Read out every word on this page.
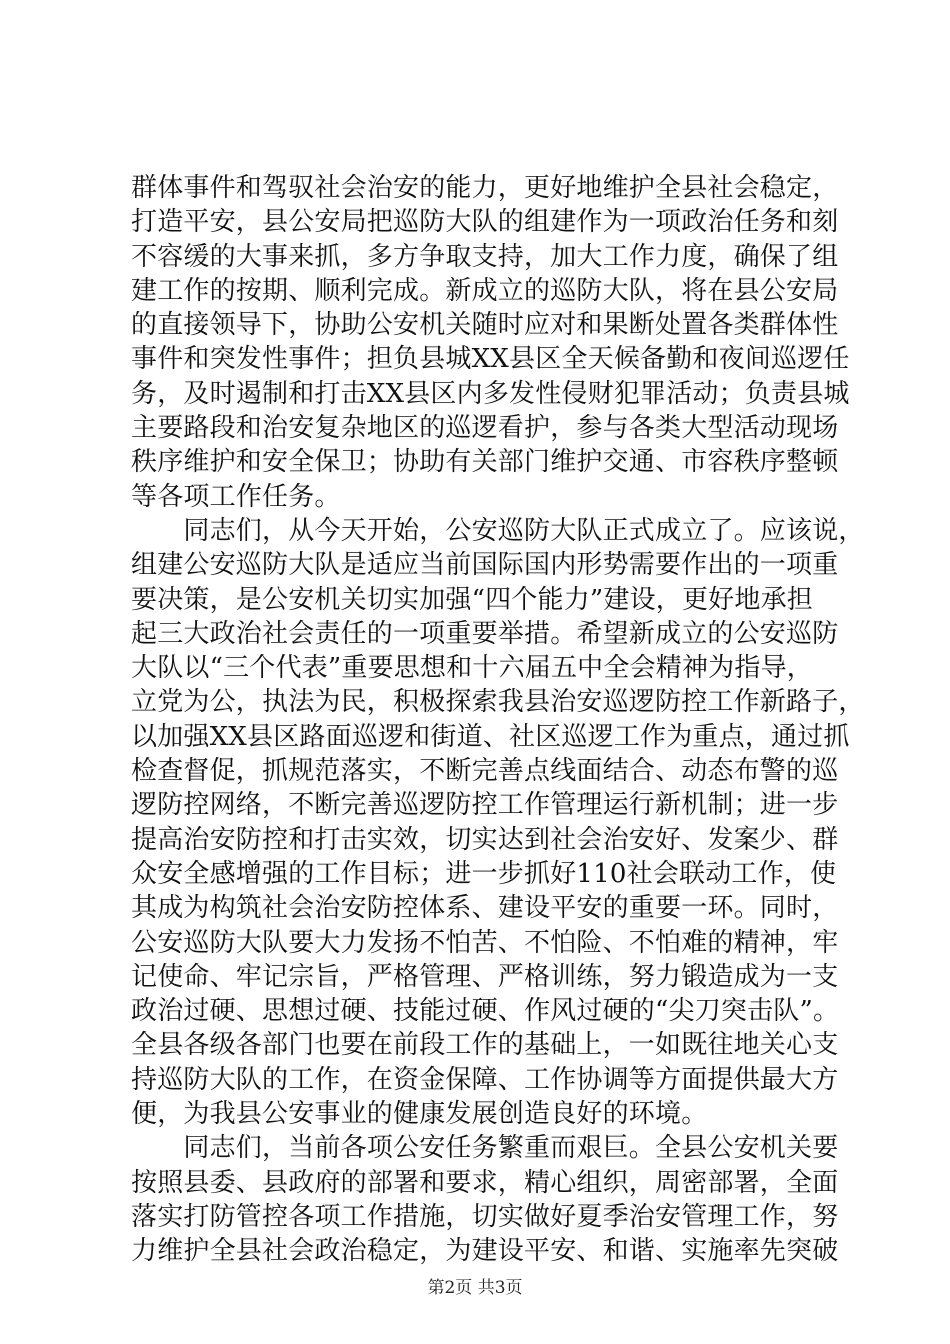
群体事件和驾驭社会治安的能力，更好地维护全县社会稳定，
打造平安，县公安局把巡防大队的组建作为一项政治任务和刻
不容缓的大事来抓，多方争取支持，加大工作力度，确保了组
建工作的按期、顺利完成。新成立的巡防大队，将在县公安局
的直接领导下，协助公安机关随时应对和果断处置各类群体性
事件和突发性事件；担负县城XX县区全天候备勤和夜间巡逻任
务，及时遏制和打击XX县区内多发性侵财犯罪活动；负责县城
主要路段和治安复杂地区的巡逻看护，参与各类大型活动现场
秩序维护和安全保卫；协助有关部门维护交通、市容秩序整顿
等各项工作任务。
　　同志们，从今天开始，公安巡防大队正式成立了。应该说，
组建公安巡防大队是适应当前国际国内形势需要作出的一项重
要决策，是公安机关切实加强“四个能力”建设，更好地承担
起三大政治社会责任的一项重要举措。希望新成立的公安巡防
大队以“三个代表”重要思想和十六届五中全会精神为指导，
立党为公，执法为民，积极探索我县治安巡逻防控工作新路子，
以加强XX县区路面巡逻和街道、社区巡逻工作为重点，通过抓
检查督促，抓规范落实，不断完善点线面结合、动态布警的巡
逻防控网络，不断完善巡逻防控工作管理运行新机制；进一步
提高治安防控和打击实效，切实达到社会治安好、发案少、群
众安全感增强的工作目标；进一步抓好110社会联动工作，使
其成为构筑社会治安防控体系、建设平安的重要一环。同时，
公安巡防大队要大力发扬不怕苦、不怕险、不怕难的精神，牢
记使命、牢记宗旨，严格管理、严格训练，努力锻造成为一支
政治过硬、思想过硬、技能过硬、作风过硬的“尖刀突击队”。
全县各级各部门也要在前段工作的基础上，一如既往地关心支
持巡防大队的工作，在资金保障、工作协调等方面提供最大方
便，为我县公安事业的健康发展创造良好的环境。
　　同志们，当前各项公安任务繁重而艰巨。全县公安机关要
按照县委、县政府的部署和要求，精心组织，周密部署，全面
落实打防管控各项工作措施，切实做好夏季治安管理工作，努
力维护全县社会政治稳定，为建设平安、和谐、实施率先突破
第2页 共3页
